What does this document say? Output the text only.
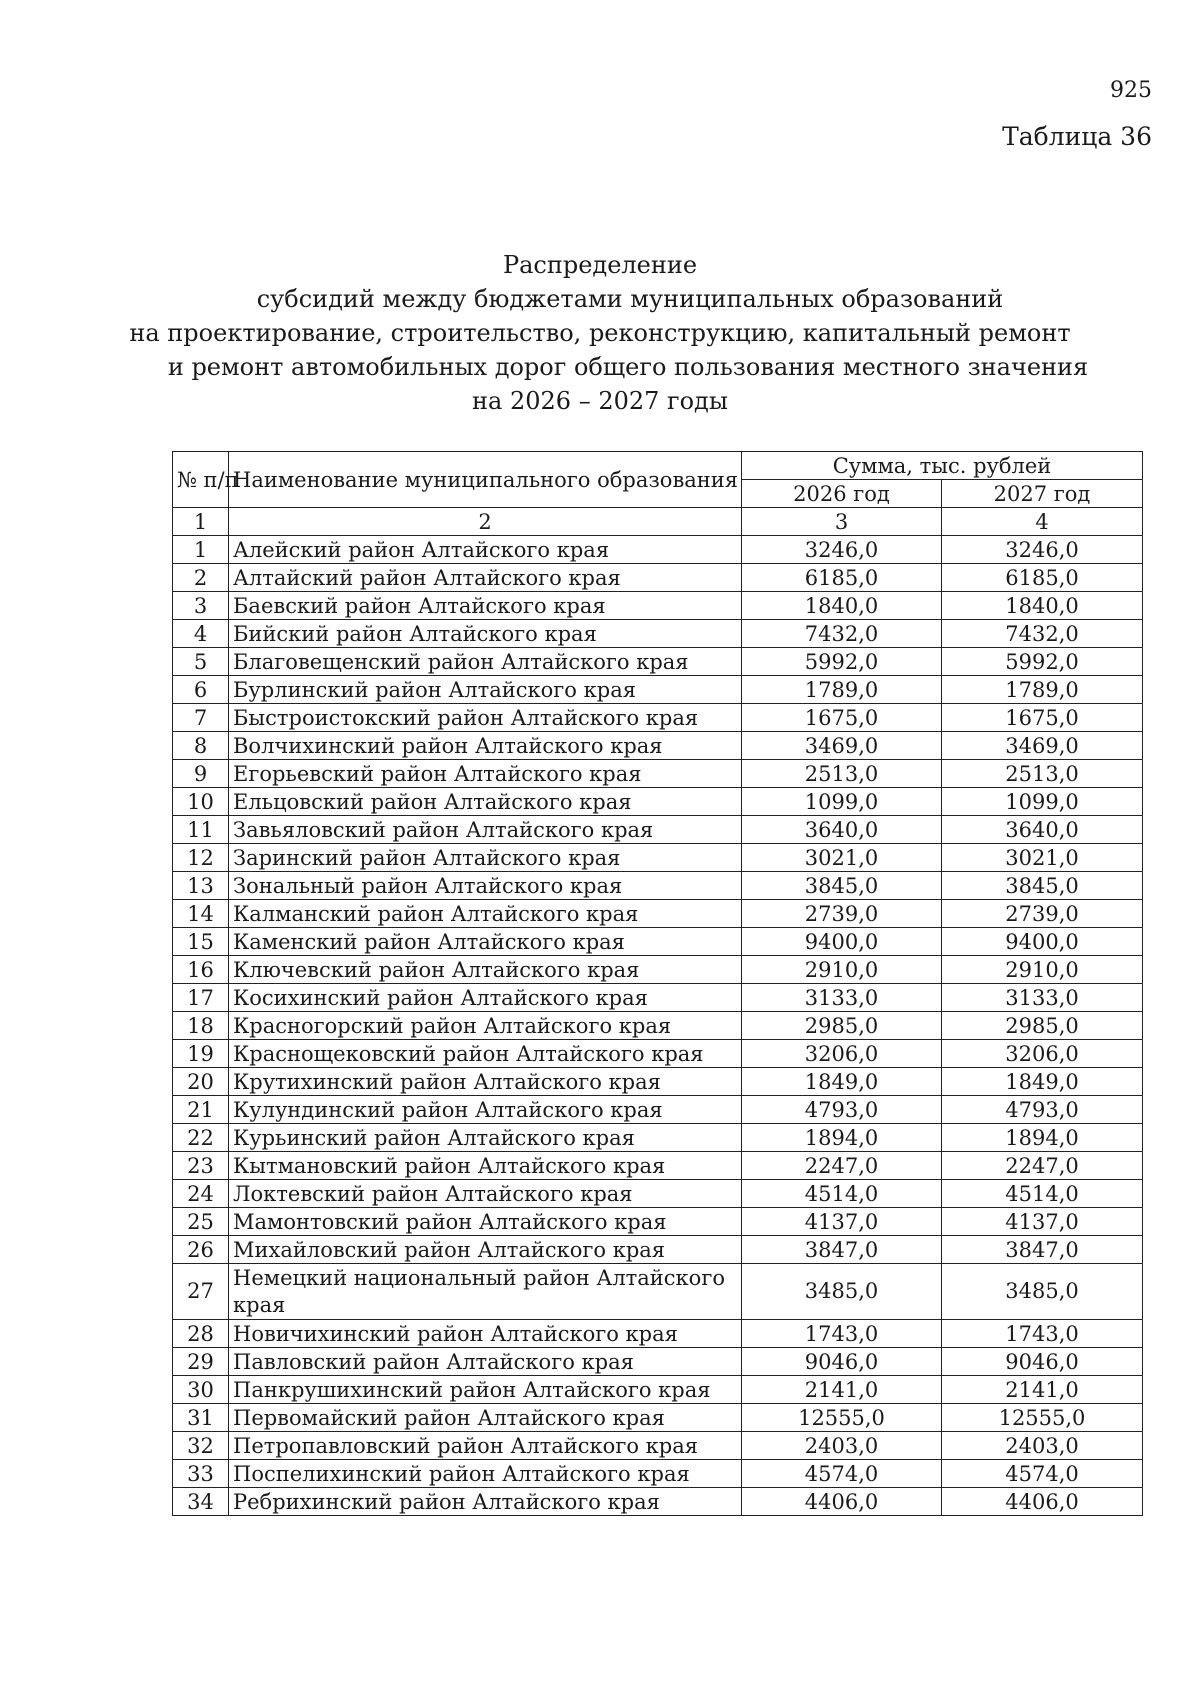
925
Таблица 36
Распределение
субсидий между бюджетами муниципальных образований
на проектирование, строительство, реконструкцию, капитальный ремонт
и ремонт автомобильных дорог общего пользования местного значения
на 2026 – 2027 годы
№ п/п	Наименование муниципального образования	Сумма, тыс. рублей	
		2026 год	2027 год
1	2	3	4
1	Алейский район Алтайского края	3246,0	3246,0
2	Алтайский район Алтайского края	6185,0	6185,0
3	Баевский район Алтайского края	1840,0	1840,0
4	Бийский район Алтайского края	7432,0	7432,0
5	Благовещенский район Алтайского края	5992,0	5992,0
6	Бурлинский район Алтайского края	1789,0	1789,0
7	Быстроистокский район Алтайского края	1675,0	1675,0
8	Волчихинский район Алтайского края	3469,0	3469,0
9	Егорьевский район Алтайского края	2513,0	2513,0
10	Ельцовский район Алтайского края	1099,0	1099,0
11	Завьяловский район Алтайского края	3640,0	3640,0
12	Заринский район Алтайского края	3021,0	3021,0
13	Зональный район Алтайского края	3845,0	3845,0
14	Калманский район Алтайского края	2739,0	2739,0
15	Каменский район Алтайского края	9400,0	9400,0
16	Ключевский район Алтайского края	2910,0	2910,0
17	Косихинский район Алтайского края	3133,0	3133,0
18	Красногорский район Алтайского края	2985,0	2985,0
19	Краснощековский район Алтайского края	3206,0	3206,0
20	Крутихинский район Алтайского края	1849,0	1849,0
21	Кулундинский район Алтайского края	4793,0	4793,0
22	Курьинский район Алтайского края	1894,0	1894,0
23	Кытмановский район Алтайского края	2247,0	2247,0
24	Локтевский район Алтайского края	4514,0	4514,0
25	Мамонтовский район Алтайского края	4137,0	4137,0
26	Михайловский район Алтайского края	3847,0	3847,0
27	Немецкий национальный район Алтайского края	3485,0	3485,0
28	Новичихинский район Алтайского края	1743,0	1743,0
29	Павловский район Алтайского края	9046,0	9046,0
30	Панкрушихинский район Алтайского края	2141,0	2141,0
31	Первомайский район Алтайского края	12555,0	12555,0
32	Петропавловский район Алтайского края	2403,0	2403,0
33	Поспелихинский район Алтайского края	4574,0	4574,0
34	Ребрихинский район Алтайского края	4406,0	4406,0
